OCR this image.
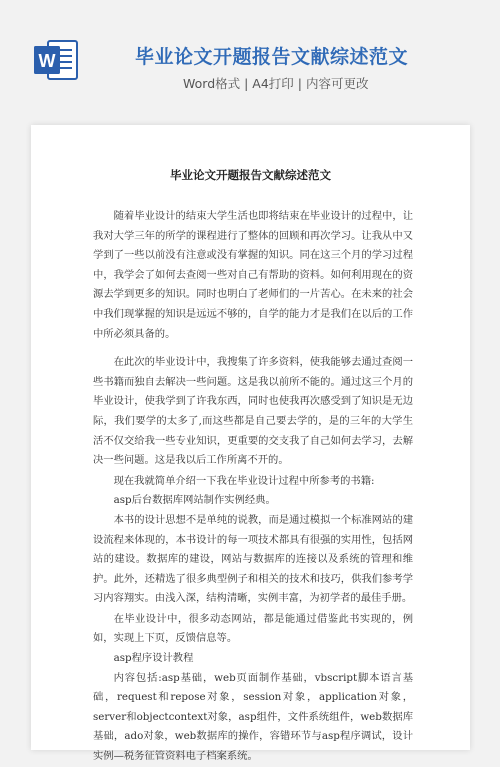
W	毕业论文开题报告文献综述范文
Word格式 | A4打印 | 内容可更改
毕业论文开题报告文献综述范文

随着毕业设计的结束大学生活也即将结束在毕业设计的过程中，让我对大学三年的所学的课程进行了整体的回顾和再次学习。让我从中又学到了一些以前没有注意或没有掌握的知识。同在这三个月的学习过程中，我学会了如何去查阅一些对自己有帮助的资料。如何利用现在的资源去学到更多的知识。同时也明白了老师们的一片苦心。在未来的社会中我们现掌握的知识是远远不够的，自学的能力才是我们在以后的工作中所必须具备的。

在此次的毕业设计中，我搜集了许多资料，使我能够去通过查阅一些书籍而独自去解决一些问题。这是我以前所不能的。通过这三个月的毕业设计，使我学到了许我东西，同时也使我再次感受到了知识是无边际，我们要学的太多了,而这些都是自己要去学的，是的三年的大学生活不仅交给我一些专业知识，更重要的交支我了自己如何去学习，去解决一些问题。这是我以后工作所离不开的。

现在我就简单介绍一下我在毕业设计过程中所参考的书籍:

asp后台数据库网站制作实例经典。

本书的设计思想不是单纯的说教，而是通过模拟一个标准网站的建设流程来体现的，本书设计的每一项技术都具有很强的实用性，包括网站的建设。数据库的建设，网站与数据库的连接以及系统的管理和维护。此外，还精选了很多典型例子和相关的技术和技巧，供我们参考学习内容翔实。由浅入深，结构清晰，实例丰富，为初学者的最佳手册。

在毕业设计中，很多动态网站，都是能通过借鉴此书实现的，例如，实现上下页，反馈信息等。

asp程序设计教程

内容包括:asp基础，web页面制作基础，vbscript脚本语言基础，request和repose对象，session对象，application对象，server和objectcontext对象，asp组件，文件系统组件，web数据库基础，ado对象，web数据库的操作，容错环节与asp程序调试，设计实例—税务征管资料电子档案系统。
